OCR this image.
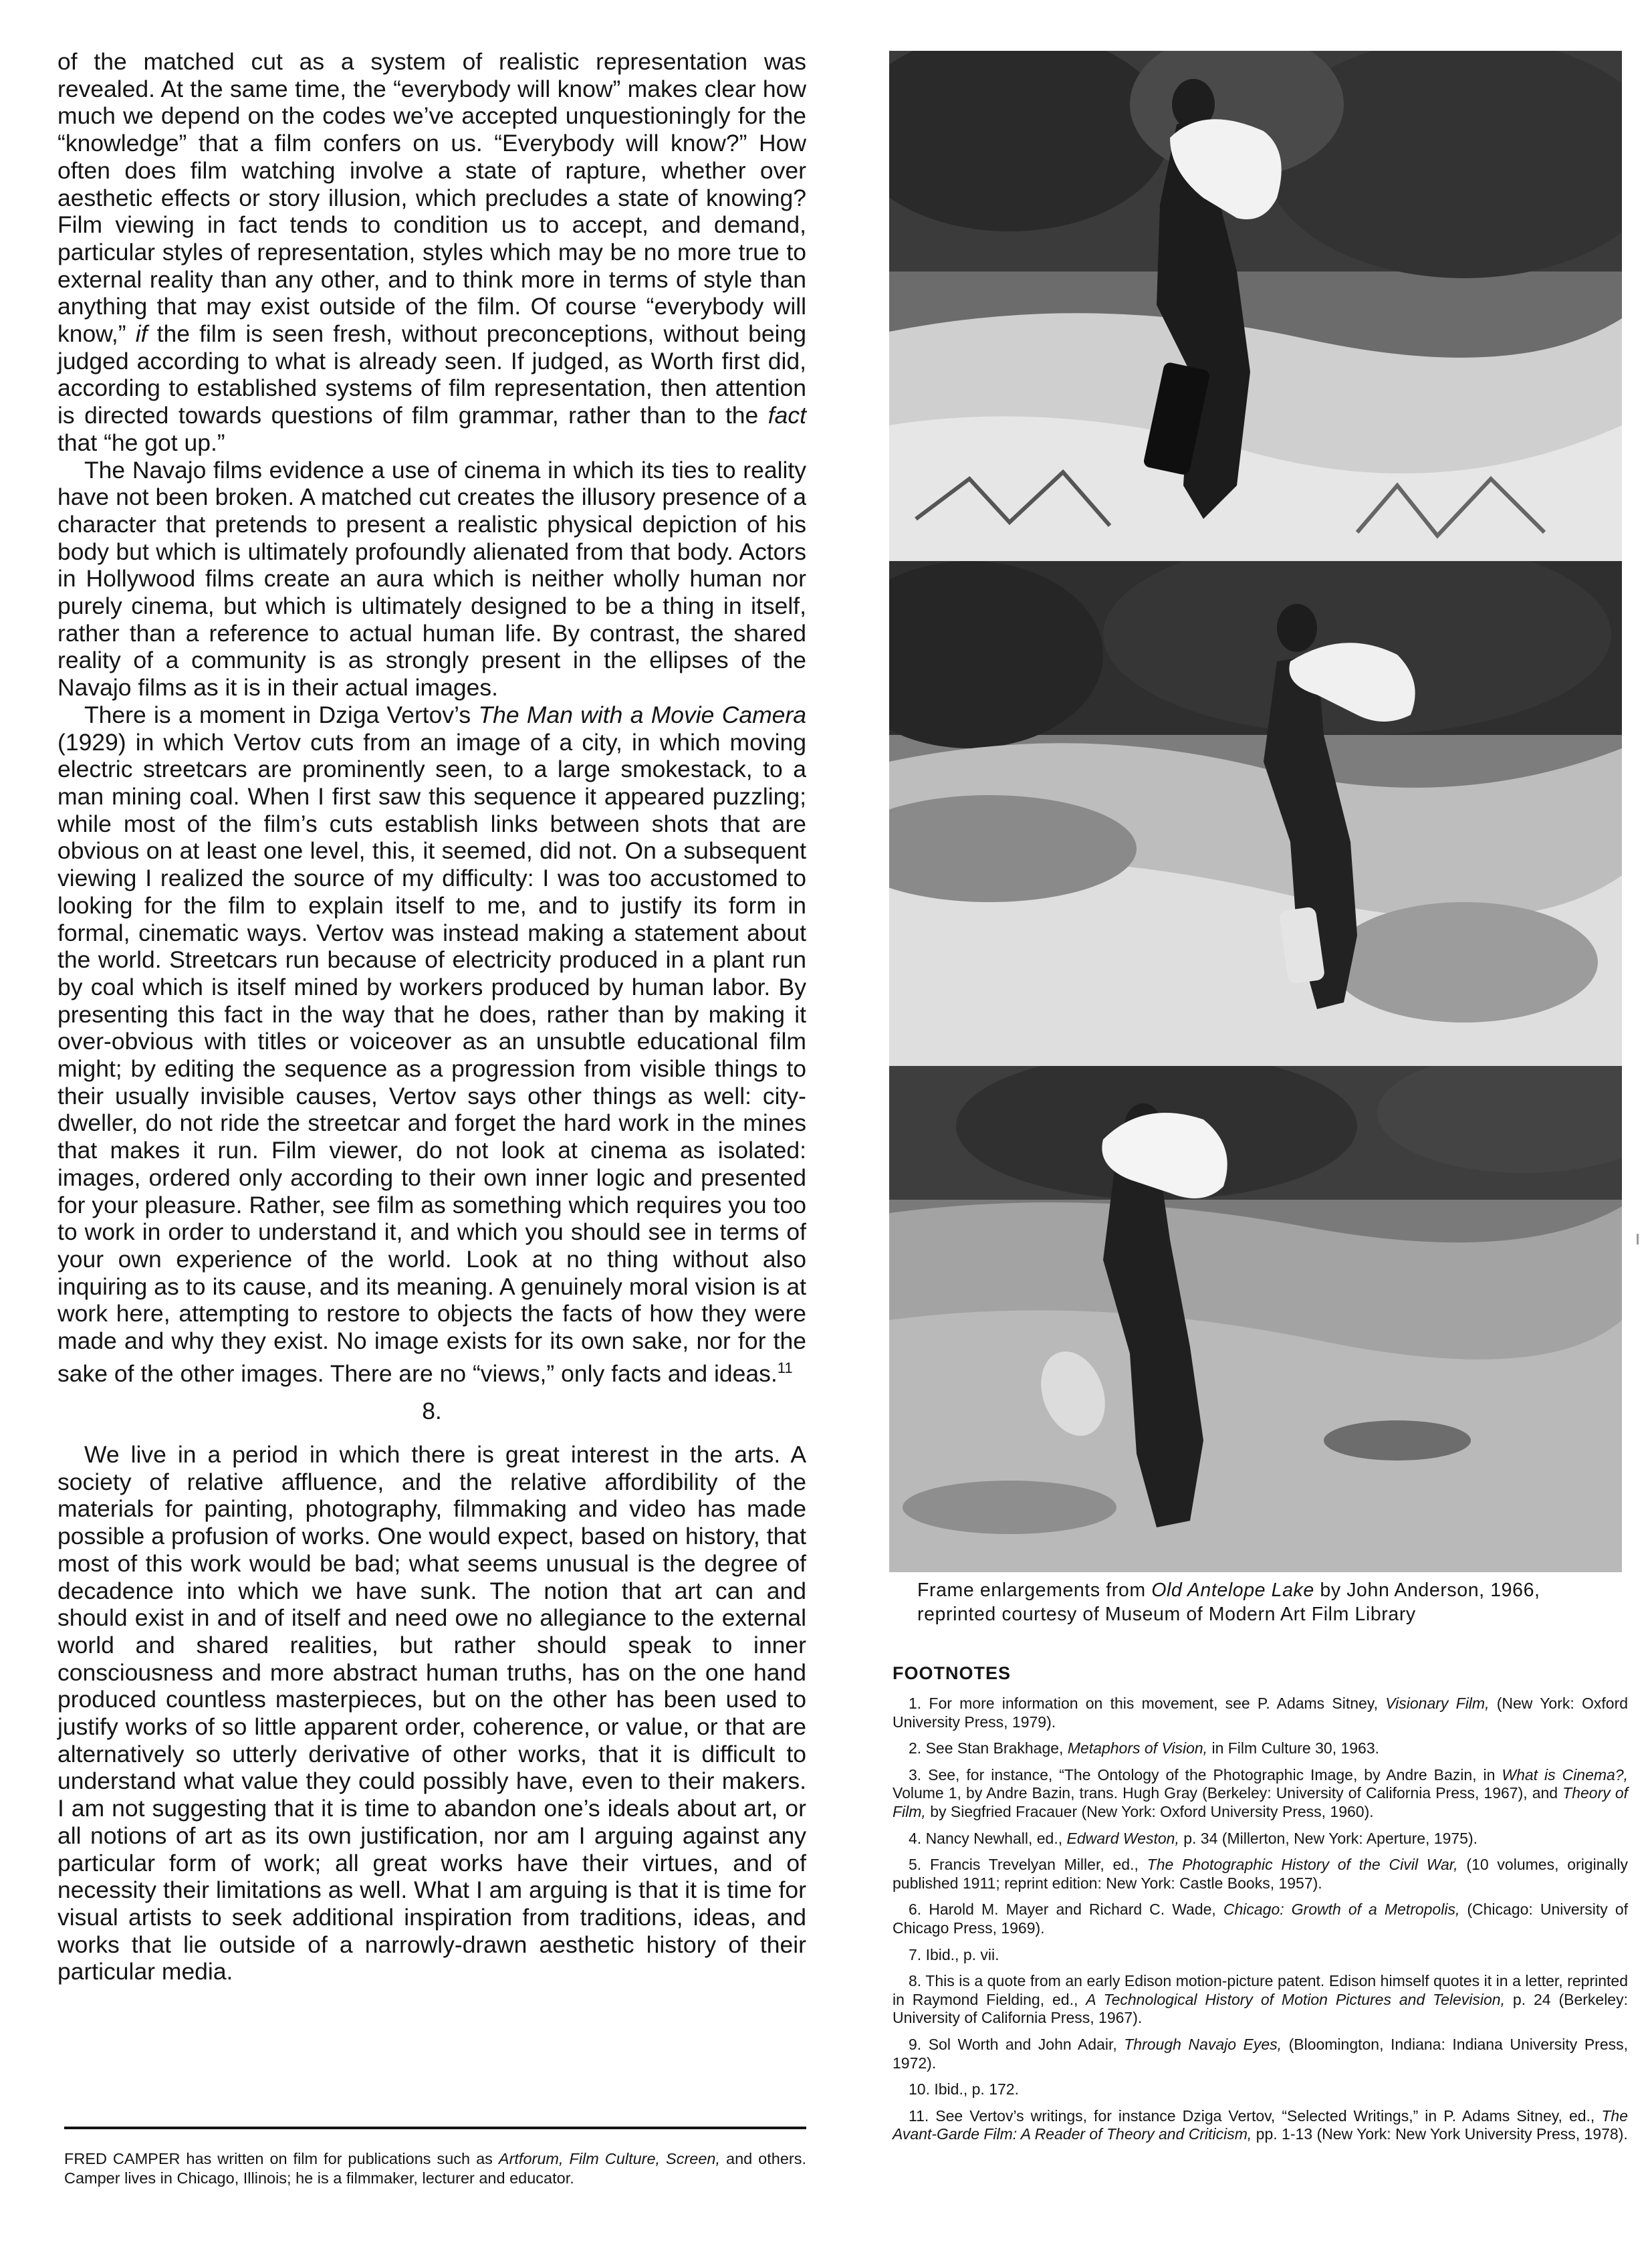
of the matched cut as a system of realistic representation was revealed. At the same time, the “everybody will know” makes clear how much we depend on the codes we’ve accepted unquestioningly for the “knowledge” that a film confers on us. “Everybody will know?” How often does film watching involve a state of rapture, whether over aesthetic effects or story illusion, which precludes a state of knowing? Film viewing in fact tends to condition us to accept, and demand, particular styles of representation, styles which may be no more true to external reality than any other, and to think more in terms of style than anything that may exist outside of the film. Of course “everybody will know,” if the film is seen fresh, without preconceptions, without being judged according to what is already seen. If judged, as Worth first did, according to established systems of film representation, then attention is directed towards questions of film grammar, rather than to the fact that “he got up.”

The Navajo films evidence a use of cinema in which its ties to reality have not been broken. A matched cut creates the illusory presence of a character that pretends to present a realistic physical depiction of his body but which is ultimately profoundly alienated from that body. Actors in Hollywood films create an aura which is neither wholly human nor purely cinema, but which is ultimately designed to be a thing in itself, rather than a reference to actual human life. By contrast, the shared reality of a community is as strongly present in the ellipses of the Navajo films as it is in their actual images.

There is a moment in Dziga Vertov’s The Man with a Movie Camera (1929) in which Vertov cuts from an image of a city, in which moving electric streetcars are prominently seen, to a large smokestack, to a man mining coal. When I first saw this sequence it appeared puzzling; while most of the film’s cuts establish links between shots that are obvious on at least one level, this, it seemed, did not. On a subsequent viewing I realized the source of my difficulty: I was too accustomed to looking for the film to explain itself to me, and to justify its form in formal, cinematic ways. Vertov was instead making a statement about the world. Streetcars run because of electricity produced in a plant run by coal which is itself mined by workers produced by human labor. By presenting this fact in the way that he does, rather than by making it over-obvious with titles or voiceover as an unsubtle educational film might; by editing the sequence as a progression from visible things to their usually invisible causes, Vertov says other things as well: city-dweller, do not ride the streetcar and forget the hard work in the mines that makes it run. Film viewer, do not look at cinema as isolated: images, ordered only according to their own inner logic and presented for your pleasure. Rather, see film as something which requires you too to work in order to understand it, and which you should see in terms of your own experience of the world. Look at no thing without also inquiring as to its cause, and its meaning. A genuinely moral vision is at work here, attempting to restore to objects the facts of how they were made and why they exist. No image exists for its own sake, nor for the sake of the other images. There are no “views,” only facts and ideas.$^{11}$

8.

We live in a period in which there is great interest in the arts. A society of relative affluence, and the relative affordibility of the materials for painting, photography, filmmaking and video has made possible a profusion of works. One would expect, based on history, that most of this work would be bad; what seems unusual is the degree of decadence into which we have sunk. The notion that art can and should exist in and of itself and need owe no allegiance to the external world and shared realities, but rather should speak to inner consciousness and more abstract human truths, has on the one hand produced countless masterpieces, but on the other has been used to justify works of so little apparent order, coherence, or value, or that are alternatively so utterly derivative of other works, that it is difficult to understand what value they could possibly have, even to their makers. I am not suggesting that it is time to abandon one’s ideals about art, or all notions of art as its own justification, nor am I arguing against any particular form of work; all great works have their virtues, and of necessity their limitations as well. What I am arguing is that it is time for visual artists to seek additional inspiration from traditions, ideas, and works that lie outside of a narrowly-drawn aesthetic history of their particular media.

FRED CAMPER has written on film for publications such as Artforum, Film Culture, Screen, and others. Camper lives in Chicago, Illinois; he is a filmmaker, lecturer and educator.
Frame enlargements from Old Antelope Lake by John Anderson, 1966,
reprinted courtesy of Museum of Modern Art Film Library
FOOTNOTES
1. For more information on this movement, see P. Adams Sitney, Visionary Film, (New York: Oxford University Press, 1979).
2. See Stan Brakhage, Metaphors of Vision, in Film Culture 30, 1963.
3. See, for instance, “The Ontology of the Photographic Image, by Andre Bazin, in What is Cinema?, Volume 1, by Andre Bazin, trans. Hugh Gray (Berkeley: University of California Press, 1967), and Theory of Film, by Siegfried Fracauer (New York: Oxford University Press, 1960).
4. Nancy Newhall, ed., Edward Weston, p. 34 (Millerton, New York: Aperture, 1975).
5. Francis Trevelyan Miller, ed., The Photographic History of the Civil War, (10 volumes, originally published 1911; reprint edition: New York: Castle Books, 1957).
6. Harold M. Mayer and Richard C. Wade, Chicago: Growth of a Metropolis, (Chicago: University of Chicago Press, 1969).
7. Ibid., p. vii.
8. This is a quote from an early Edison motion-picture patent. Edison himself quotes it in a letter, reprinted in Raymond Fielding, ed., A Technological History of Motion Pictures and Television, p. 24 (Berkeley: University of California Press, 1967).
9. Sol Worth and John Adair, Through Navajo Eyes, (Bloomington, Indiana: Indiana University Press, 1972).
10. Ibid., p. 172.
11. See Vertov’s writings, for instance Dziga Vertov, “Selected Writings,” in P. Adams Sitney, ed., The Avant-Garde Film: A Reader of Theory and Criticism, pp. 1-13 (New York: New York University Press, 1978).
